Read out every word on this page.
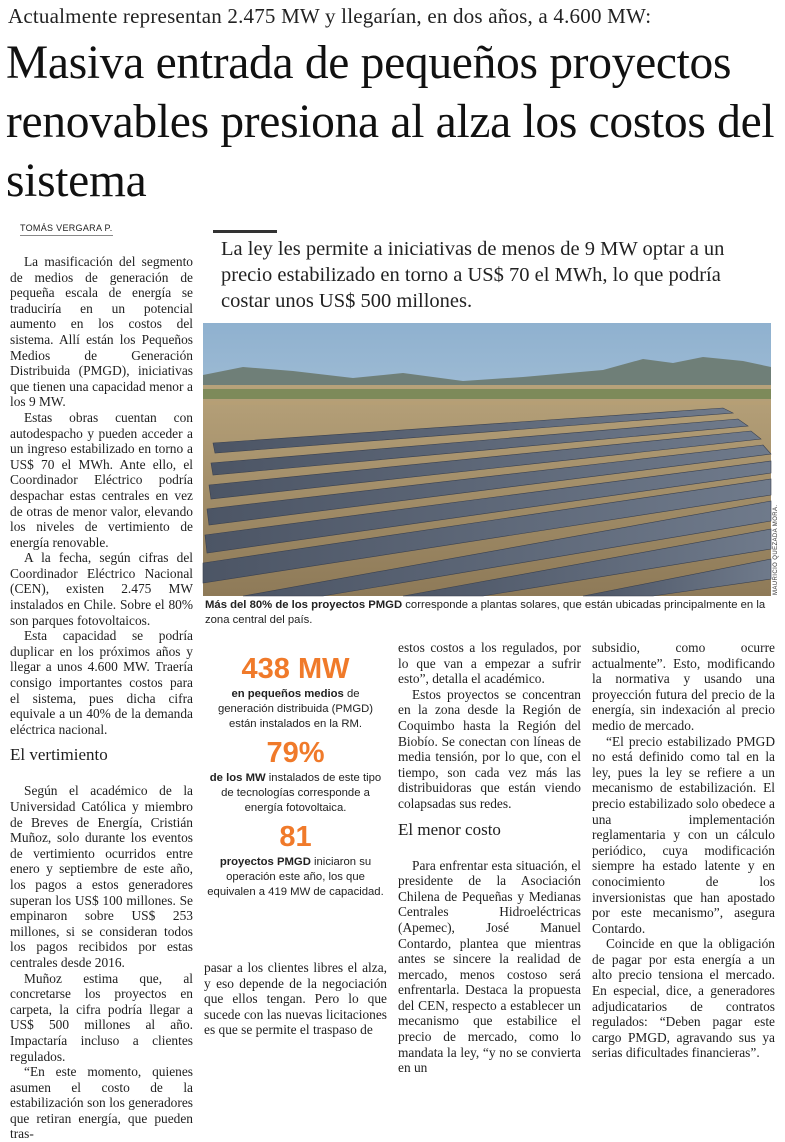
Actualmente representan 2.475 MW y llegarían, en dos años, a 4.600 MW:
Masiva entrada de pequeños proyectos renovables presiona al alza los costos del sistema
TOMÁS VERGARA P.
La ley les permite a iniciativas de menos de 9 MW optar a un precio estabilizado en torno a US$ 70 el MWh, lo que podría costar unos US$ 500 millones.

La masificación del segmento de medios de generación de pequeña escala de energía se traduciría en un potencial aumento en los costos del sistema. Allí están los Pequeños Medios de Generación Distribuida (PMGD), iniciativas que tienen una capacidad menor a los 9 MW.

Estas obras cuentan con autodespacho y pueden acceder a un ingreso estabilizado en torno a US$ 70 el MWh. Ante ello, el Coordinador Eléctrico podría despachar estas centrales en vez de otras de menor valor, elevando los niveles de vertimiento de energía renovable.

A la fecha, según cifras del Coordinador Eléctrico Nacional (CEN), existen 2.475 MW instalados en Chile. Sobre el 80% son parques fotovoltaicos.

Esta capacidad se podría duplicar en los próximos años y llegar a unos 4.600 MW. Traería consigo importantes costos para el sistema, pues dicha cifra equivale a un 40% de la demanda eléctrica nacional.

El vertimiento

Según el académico de la Universidad Católica y miembro de Breves de Energía, Cristián Muñoz, solo durante los eventos de vertimiento ocurridos entre enero y septiembre de este año, los pagos a estos generadores superan los US$ 100 millones. Se empinaron sobre US$ 253 millones, si se consideran todos los pagos recibidos por estas centrales desde 2016.

Muñoz estima que, al concretarse los proyectos en carpeta, la cifra podría llegar a US$ 500 millones al año. Impactaría incluso a clientes regulados.

“En este momento, quienes asumen el costo de la estabilización son los generadores que retiran energía, que pueden tras-

MAURICIO QUEZADA MORA.
Más del 80% de los proyectos PMGD corresponde a plantas solares, que están ubicadas principalmente en la zona central del país.
438 MW
en pequeños medios de generación distribuida (PMGD) están instalados en la RM.
79%
de los MW instalados de este tipo de tecnologías corresponde a energía fotovoltaica.
81
proyectos PMGD iniciaron su operación este año, los que equivalen a 419 MW de capacidad.

pasar a los clientes libres el alza, y eso depende de la negociación que ellos tengan. Pero lo que sucede con las nuevas licitaciones es que se permite el traspaso de

estos costos a los regulados, por lo que van a empezar a sufrir esto”, detalla el académico.

Estos proyectos se concentran en la zona desde la Región de Coquimbo hasta la Región del Biobío. Se conectan con líneas de media tensión, por lo que, con el tiempo, son cada vez más las distribuidoras que están viendo colapsadas sus redes.

El menor costo

Para enfrentar esta situación, el presidente de la Asociación Chilena de Pequeñas y Medianas Centrales Hidroeléctricas (Apemec), José Manuel Contardo, plantea que mientras antes se sincere la realidad de mercado, menos costoso será enfrentarla. Destaca la propuesta del CEN, respecto a establecer un mecanismo que estabilice el precio de mercado, como lo mandata la ley, “y no se convierta en un

subsidio, como ocurre actualmente”. Esto, modificando la normativa y usando una proyección futura del precio de la energía, sin indexación al precio medio de mercado.

“El precio estabilizado PMGD no está definido como tal en la ley, pues la ley se refiere a un mecanismo de estabilización. El precio estabilizado solo obedece a una implementación reglamentaria y con un cálculo periódico, cuya modificación siempre ha estado latente y en conocimiento de los inversionistas que han apostado por este mecanismo”, asegura Contardo.

Coincide en que la obligación de pagar por esta energía a un alto precio tensiona el mercado. En especial, dice, a generadores adjudicatarios de contratos regulados: “Deben pagar este cargo PMGD, agravando sus ya serias dificultades financieras”.
